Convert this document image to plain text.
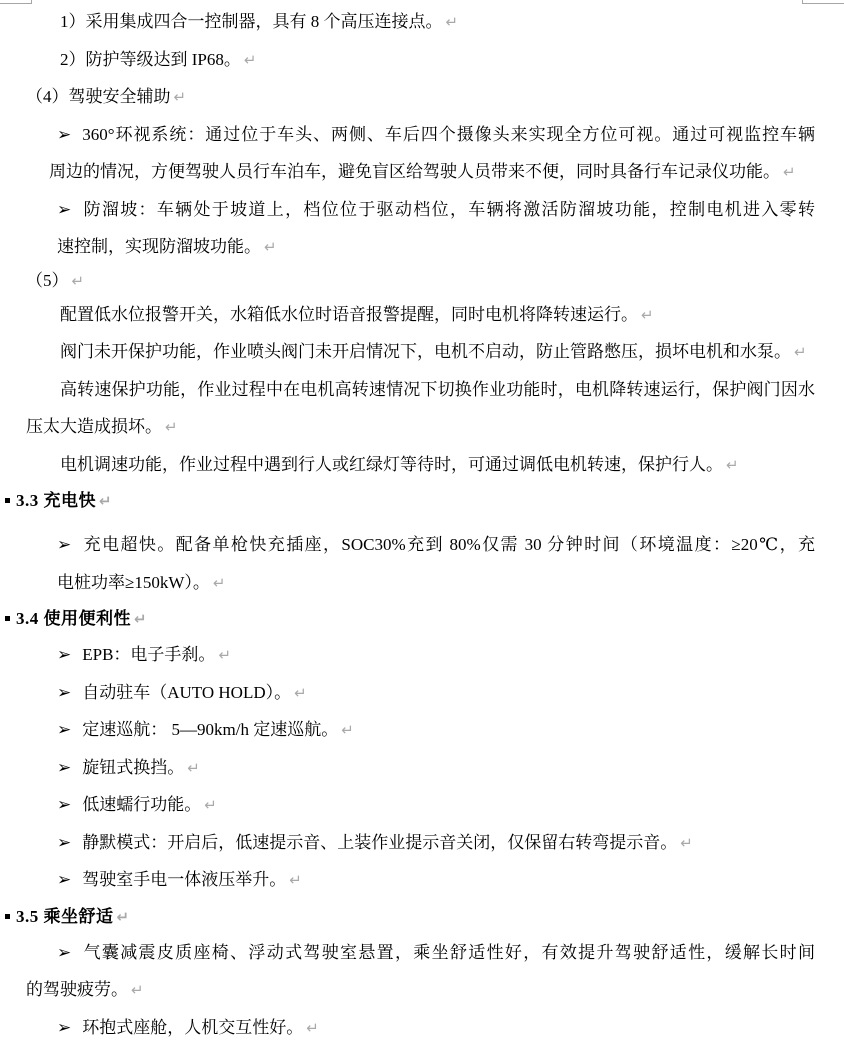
1）采用集成四合一控制器，具有 8 个高压连接点。 ↵
2）防护等级达到 IP68。 ↵
（4）驾驶安全辅助 ↵
➢ 360°环视系统：通过位于车头、两侧、车后四个摄像头来实现全方位可视。通过可视监控车辆
周边的情况，方便驾驶人员行车泊车，避免盲区给驾驶人员带来不便，同时具备行车记录仪功能。 ↵
➢ 防溜坡：车辆处于坡道上，档位位于驱动档位，车辆将激活防溜坡功能，控制电机进入零转
速控制，实现防溜坡功能。 ↵
（5） ↵
配置低水位报警开关，水箱低水位时语音报警提醒，同时电机将降转速运行。 ↵
阀门未开保护功能，作业喷头阀门未开启情况下，电机不启动，防止管路憋压，损坏电机和水泵。 ↵
高转速保护功能，作业过程中在电机高转速情况下切换作业功能时，电机降转速运行，保护阀门因水
压太大造成损坏。 ↵
电机调速功能，作业过程中遇到行人或红绿灯等待时，可通过调低电机转速，保护行人。 ↵
3.3 充电快 ↵
➢ 充电超快。配备单枪快充插座，SOC30%充到 80%仅需 30 分钟时间（环境温度：≥20℃，充
电桩功率≥150kW）。 ↵
3.4 使用便利性 ↵
➢ EPB：电子手刹。 ↵
➢ 自动驻车（AUTO HOLD）。 ↵
➢ 定速巡航： 5—90km/h 定速巡航。 ↵
➢ 旋钮式换挡。 ↵
➢ 低速蠕行功能。 ↵
➢ 静默模式：开启后，低速提示音、上装作业提示音关闭，仅保留右转弯提示音。 ↵
➢ 驾驶室手电一体液压举升。 ↵
3.5 乘坐舒适 ↵
➢ 气囊减震皮质座椅、浮动式驾驶室悬置，乘坐舒适性好，有效提升驾驶舒适性，缓解长时间
的驾驶疲劳。 ↵
➢ 环抱式座舱，人机交互性好。 ↵
